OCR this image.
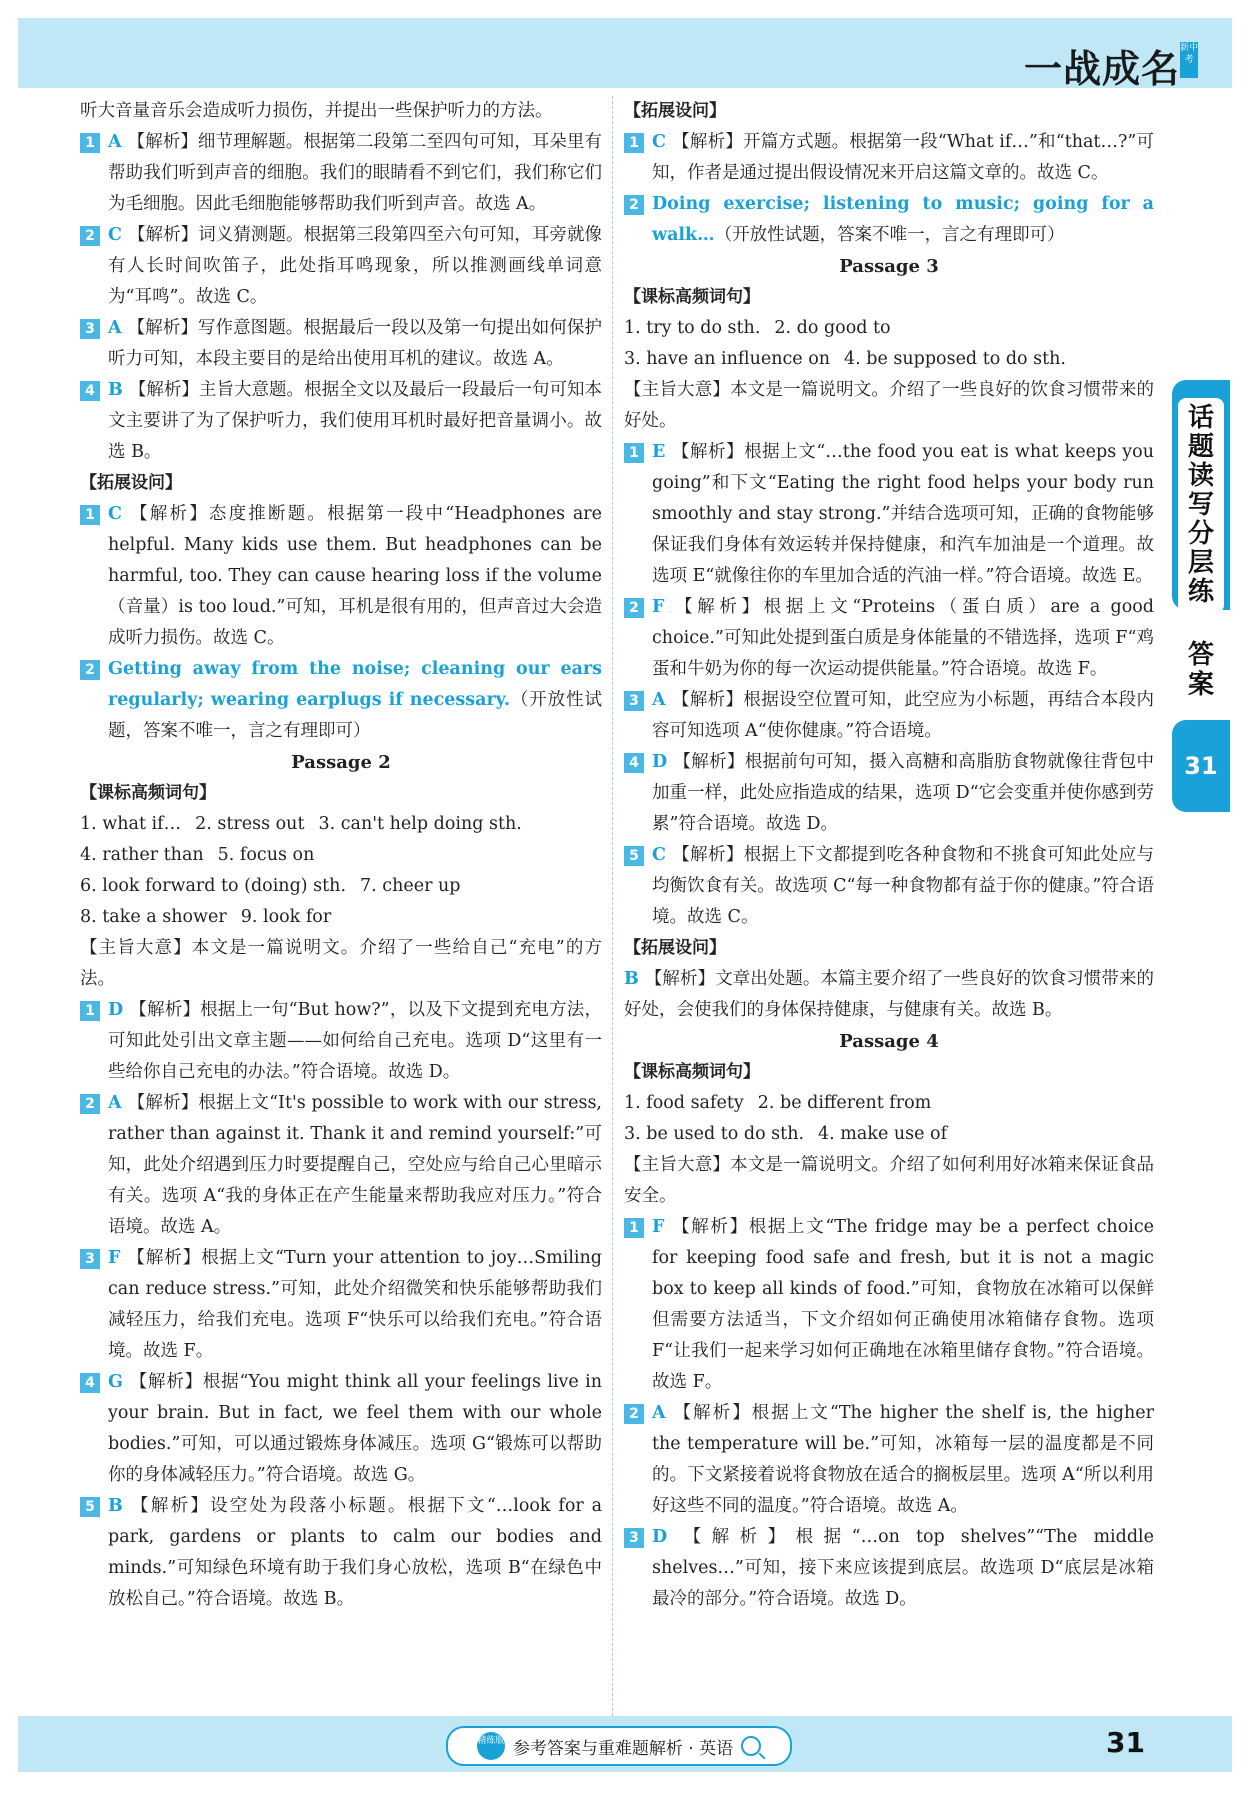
一战成名 新中考
话题读写分层练
答案
31

听大音量音乐会造成听力损伤，并提出一些保护听力的方法。

1 A 【解析】细节理解题。根据第二段第二至四句可知，耳朵里有帮助我们听到声音的细胞。我们的眼睛看不到它们，我们称它们为毛细胞。因此毛细胞能够帮助我们听到声音。故选 A。

2 C 【解析】词义猜测题。根据第三段第四至六句可知，耳旁就像有人长时间吹笛子，此处指耳鸣现象，所以推测画线单词意为“耳鸣”。故选 C。

3 A 【解析】写作意图题。根据最后一段以及第一句提出如何保护听力可知，本段主要目的是给出使用耳机的建议。故选 A。

4 B 【解析】主旨大意题。根据全文以及最后一段最后一句可知本文主要讲了为了保护听力，我们使用耳机时最好把音量调小。故选 B。

【拓展设问】

1 C 【解析】态度推断题。根据第一段中“Headphones are helpful. Many kids use them. But headphones can be harmful, too. They can cause hearing loss if the volume（音量）is too loud.”可知，耳机是很有用的，但声音过大会造成听力损伤。故选 C。

2 Getting away from the noise; cleaning our ears regularly; wearing earplugs if necessary.（开放性试题，答案不唯一，言之有理即可）

Passage 2

【课标高频词句】

1. what if… 2. stress out 3. can't help doing sth.

4. rather than 5. focus on

6. look forward to (doing) sth. 7. cheer up

8. take a shower 9. look for

【主旨大意】本文是一篇说明文。介绍了一些给自己“充电”的方法。

1 D 【解析】根据上一句“But how?”，以及下文提到充电方法，可知此处引出文章主题——如何给自己充电。选项 D“这里有一些给你自己充电的办法。”符合语境。故选 D。

2 A 【解析】根据上文“It's possible to work with our stress, rather than against it. Thank it and remind yourself:”可知，此处介绍遇到压力时要提醒自己，空处应与给自己心里暗示有关。选项 A“我的身体正在产生能量来帮助我应对压力。”符合语境。故选 A。

3 F 【解析】根据上文“Turn your attention to joy…Smiling can reduce stress.”可知，此处介绍微笑和快乐能够帮助我们减轻压力，给我们充电。选项 F“快乐可以给我们充电。”符合语境。故选 F。

4 G 【解析】根据“You might think all your feelings live in your brain. But in fact, we feel them with our whole bodies.”可知，可以通过锻炼身体减压。选项 G“锻炼可以帮助你的身体减轻压力。”符合语境。故选 G。

5 B 【解析】设空处为段落小标题。根据下文“…look for a park, gardens or plants to calm our bodies and minds.”可知绿色环境有助于我们身心放松，选项 B“在绿色中放松自己。”符合语境。故选 B。

【拓展设问】

1 C 【解析】开篇方式题。根据第一段“What if…”和“that…?”可知，作者是通过提出假设情况来开启这篇文章的。故选 C。

2 Doing exercise; listening to music; going for a walk…（开放性试题，答案不唯一，言之有理即可）

Passage 3

【课标高频词句】

1. try to do sth. 2. do good to

3. have an influence on 4. be supposed to do sth.

【主旨大意】本文是一篇说明文。介绍了一些良好的饮食习惯带来的好处。

1 E 【解析】根据上文“…the food you eat is what keeps you going”和下文“Eating the right food helps your body run smoothly and stay strong.”并结合选项可知，正确的食物能够保证我们身体有效运转并保持健康，和汽车加油是一个道理。故选项 E“就像往你的车里加合适的汽油一样。”符合语境。故选 E。

2 F 【解析】根据上文“Proteins（蛋白质）are a good choice.”可知此处提到蛋白质是身体能量的不错选择，选项 F“鸡蛋和牛奶为你的每一次运动提供能量。”符合语境。故选 F。

3 A 【解析】根据设空位置可知，此空应为小标题，再结合本段内容可知选项 A“使你健康。”符合语境。

4 D 【解析】根据前句可知，摄入高糖和高脂肪食物就像往背包中加重一样，此处应指造成的结果，选项 D“它会变重并使你感到劳累”符合语境。故选 D。

5 C 【解析】根据上下文都提到吃各种食物和不挑食可知此处应与均衡饮食有关。故选项 C“每一种食物都有益于你的健康。”符合语境。故选 C。

【拓展设问】

B 【解析】文章出处题。本篇主要介绍了一些良好的饮食习惯带来的好处，会使我们的身体保持健康，与健康有关。故选 B。

Passage 4

【课标高频词句】

1. food safety 2. be different from

3. be used to do sth. 4. make use of

【主旨大意】本文是一篇说明文。介绍了如何利用好冰箱来保证食品安全。

1 F 【解析】根据上文“The fridge may be a perfect choice for keeping food safe and fresh, but it is not a magic box to keep all kinds of food.”可知，食物放在冰箱可以保鲜但需要方法适当，下文介绍如何正确使用冰箱储存食物。选项 F“让我们一起来学习如何正确地在冰箱里储存食物。”符合语境。故选 F。

2 A 【解析】根据上文“The higher the shelf is, the higher the temperature will be.”可知，冰箱每一层的温度都是不同的。下文紧接着说将食物放在适合的搁板层里。选项 A“所以利用好这些不同的温度。”符合语境。故选 A。

3 D 【解析】根据“…on top shelves”“The middle shelves…”可知，接下来应该提到底层。故选项 D“底层是冰箱最冷的部分。”符合语境。故选 D。

精练版 参考答案与重难题解析 · 英语	31
